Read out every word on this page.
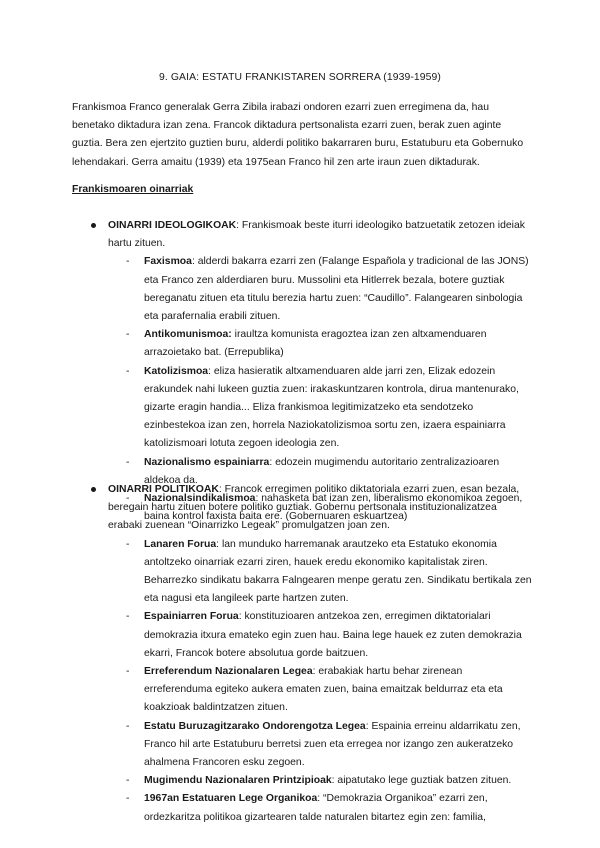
9. GAIA: ESTATU FRANKISTAREN SORRERA (1939-1959)

Frankismoa Franco generalak Gerra Zibila irabazi ondoren ezarri zuen erregimena da, hau benetako diktadura izan zena. Francok diktadura pertsonalista ezarri zuen, berak zuen aginte guztia. Bera zen ejertzito guztien buru, alderdi politiko bakarraren buru, Estatuburu eta Gobernuko lehendakari. Gerra amaitu (1939) eta 1975ean Franco hil zen arte iraun zuen diktadurak.

Frankismoaren oinarriak

OINARRI IDEOLOGIKOAK: Frankismoak beste iturri ideologiko batzuetatik zetozen ideiak hartu zituen.
- Faxismoa: alderdi bakarra ezarri zen (Falange Española y tradicional de las JONS) eta Franco zen alderdiaren buru. Mussolini eta Hitlerrek bezala, botere guztiak bereganatu zituen eta titulu berezia hartu zuen: “Caudillo”. Falangearen sinbologia eta parafernalia erabili zituen.
- Antikomunismoa: iraultza komunista eragoztea izan zen altxamenduaren arrazoietako bat. (Errepublika)
- Katolizismoa: eliza hasieratik altxamenduaren alde jarri zen, Elizak edozein erakundek nahi lukeen guztia zuen: irakaskuntzaren kontrola, dirua mantenurako, gizarte eragin handia... Eliza frankismoa legitimizatzeko eta sendotzeko ezinbestekoa izan zen, horrela Naziokatolizismoa sortu zen, izaera espainiarra katolizismoari lotuta zegoen ideologia zen.
- Nazionalismo espainiarra: edozein mugimendu autoritario zentralizazioaren aldekoa da.
- Nazionalsindikalismoa: nahasketa bat izan zen, liberalismo ekonomikoa zegoen, baina kontrol faxista baita ere. (Gobernuaren eskuartzea)
OINARRI POLITIKOAK: Francok erregimen politiko diktatoriala ezarri zuen, esan bezala, beregain hartu zituen botere politiko guztiak. Gobernu pertsonala instituzionalizatzea erabaki zuenean “Oinarrizko Legeak” promulgatzen joan zen.
- Lanaren Forua: lan munduko harremanak arautzeko eta Estatuko ekonomia antoltzeko oinarriak ezarri ziren, hauek eredu ekonomiko kapitalistak ziren. Beharrezko sindikatu bakarra Falngearen menpe geratu zen. Sindikatu bertikala zen eta nagusi eta langileek parte hartzen zuten.
- Espainiarren Forua: konstituzioaren antzekoa zen, erregimen diktatorialari demokrazia itxura emateko egin zuen hau. Baina lege hauek ez zuten demokrazia ekarri, Francok botere absolutua gorde baitzuen.
- Erreferendum Nazionalaren Legea: erabakiak hartu behar zirenean erreferenduma egiteko aukera ematen zuen, baina emaitzak beldurraz eta eta koakzioak baldintzatzen zituen.
- Estatu Buruzagitzarako Ondorengotza Legea: Espainia erreinu aldarrikatu zen, Franco hil arte Estatuburu berretsi zuen eta erregea nor izango zen aukeratzeko ahalmena Francoren esku zegoen.
- Mugimendu Nazionalaren Printzipioak: aipatutako lege guztiak batzen zituen.
- 1967an Estatuaren Lege Organikoa: “Demokrazia Organikoa” ezarri zen, ordezkaritza politikoa gizartearen talde naturalen bitartez egin zen: familia,
